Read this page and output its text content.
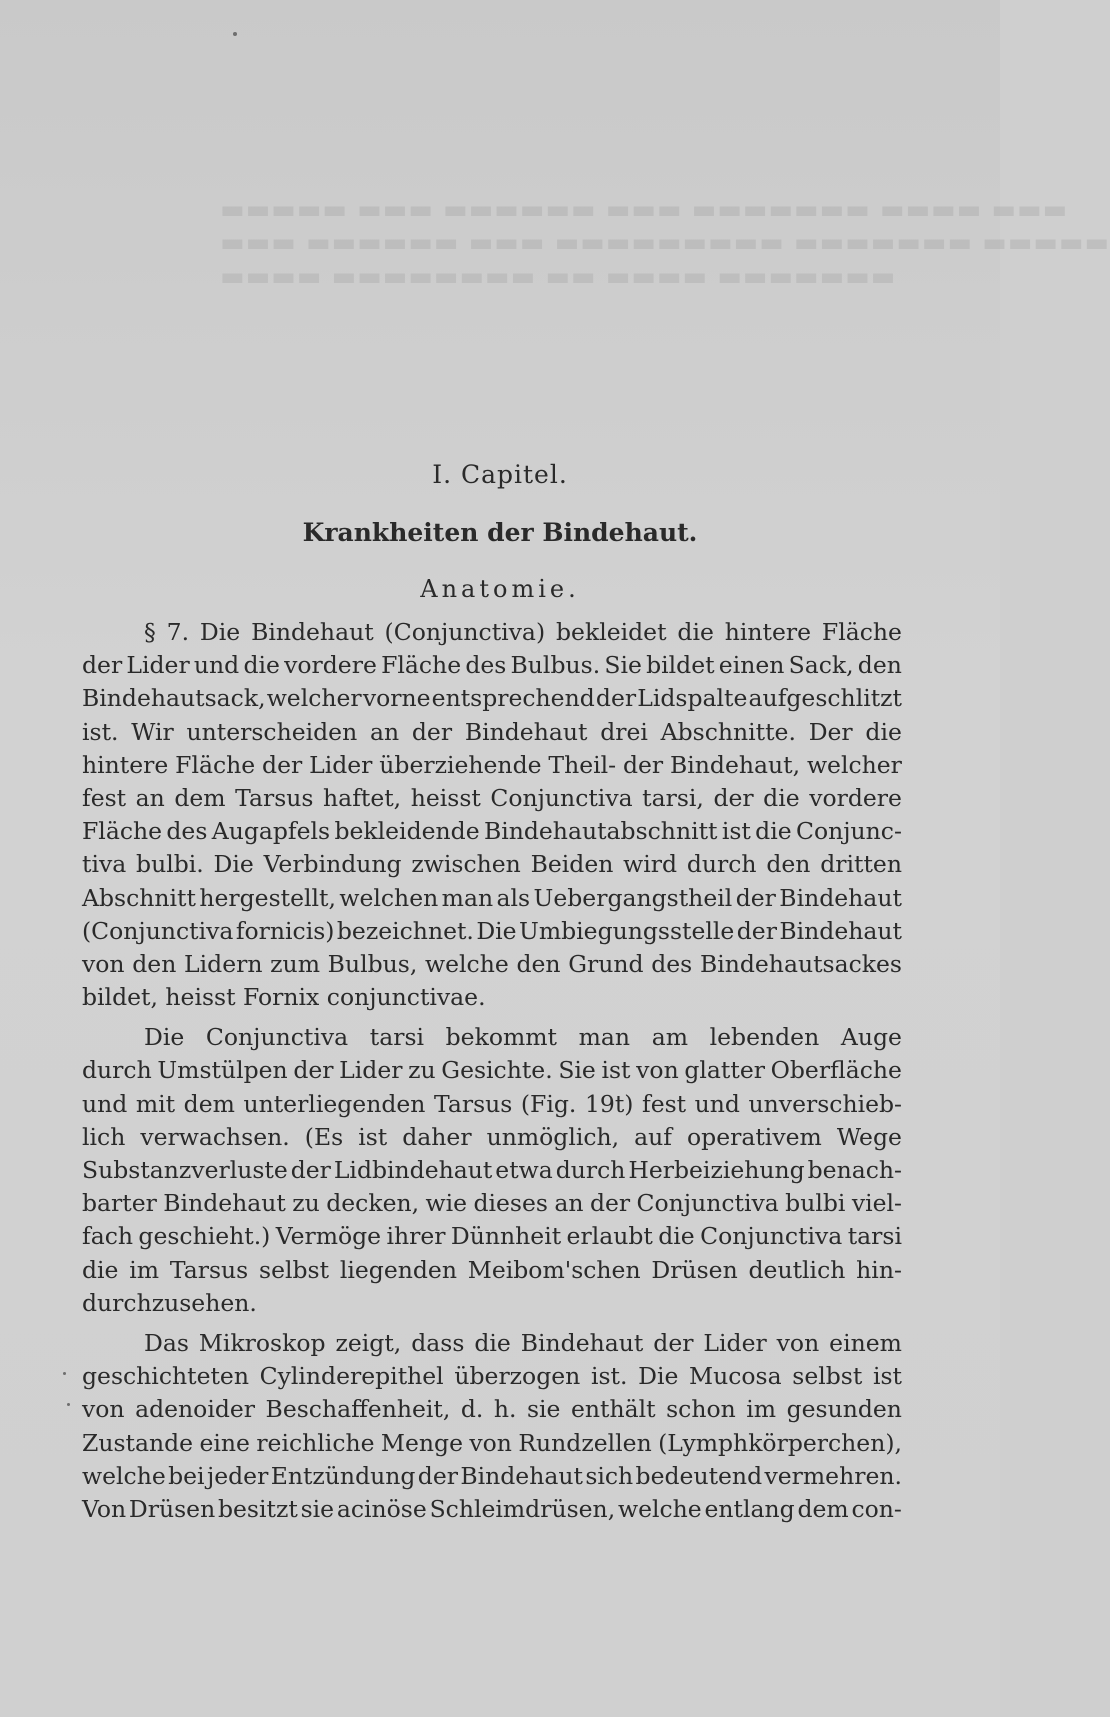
▬▬▬▬▬ ▬▬▬ ▬▬▬▬▬▬ ▬▬▬ ▬▬▬▬▬▬▬ ▬▬▬▬ ▬▬▬
▬▬▬ ▬▬▬▬▬▬ ▬▬▬ ▬▬▬▬▬▬▬▬▬ ▬▬▬▬▬▬▬ ▬▬▬▬▬
▬▬▬▬ ▬▬▬▬▬▬▬▬ ▬▬ ▬▬▬▬ ▬▬▬▬▬▬▬
I. Capitel.
Krankheiten der Bindehaut.
Anatomie.
§ 7. Die Bindehaut (Conjunctiva) bekleidet die hintere Fläche
der Lider und die vordere Fläche des Bulbus. Sie bildet einen Sack, den
Bindehautsack, welcher vorne entsprechend der Lidspalte aufgeschlitzt
ist. Wir unterscheiden an der Bindehaut drei Abschnitte. Der die
hintere Fläche der Lider überziehende Theil- der Bindehaut, welcher
fest an dem Tarsus haftet, heisst Conjunctiva tarsi, der die vordere
Fläche des Augapfels bekleidende Bindehautabschnitt ist die Conjunc-
tiva bulbi. Die Verbindung zwischen Beiden wird durch den dritten
Abschnitt hergestellt, welchen man als Uebergangstheil der Bindehaut
(Conjunctiva fornicis) bezeichnet. Die Umbiegungsstelle der Bindehaut
von den Lidern zum Bulbus, welche den Grund des Bindehautsackes
bildet, heisst Fornix conjunctivae.
Die Conjunctiva tarsi bekommt man am lebenden Auge
durch Umstülpen der Lider zu Gesichte. Sie ist von glatter Oberfläche
und mit dem unterliegenden Tarsus (Fig. 19t) fest und unverschieb-
lich verwachsen. (Es ist daher unmöglich, auf operativem Wege
Substanzverluste der Lidbindehaut etwa durch Herbeiziehung benach-
barter Bindehaut zu decken, wie dieses an der Conjunctiva bulbi viel-
fach geschieht.) Vermöge ihrer Dünnheit erlaubt die Conjunctiva tarsi
die im Tarsus selbst liegenden Meibom'schen Drüsen deutlich hin-
durchzusehen.
Das Mikroskop zeigt, dass die Bindehaut der Lider von einem
geschichteten Cylinderepithel überzogen ist. Die Mucosa selbst ist
von adenoider Beschaffenheit, d. h. sie enthält schon im gesunden
Zustande eine reichliche Menge von Rundzellen (Lymphkörperchen),
welche bei jeder Entzündung der Bindehaut sich bedeutend vermehren.
Von Drüsen besitzt sie acinöse Schleimdrüsen, welche entlang dem con-
